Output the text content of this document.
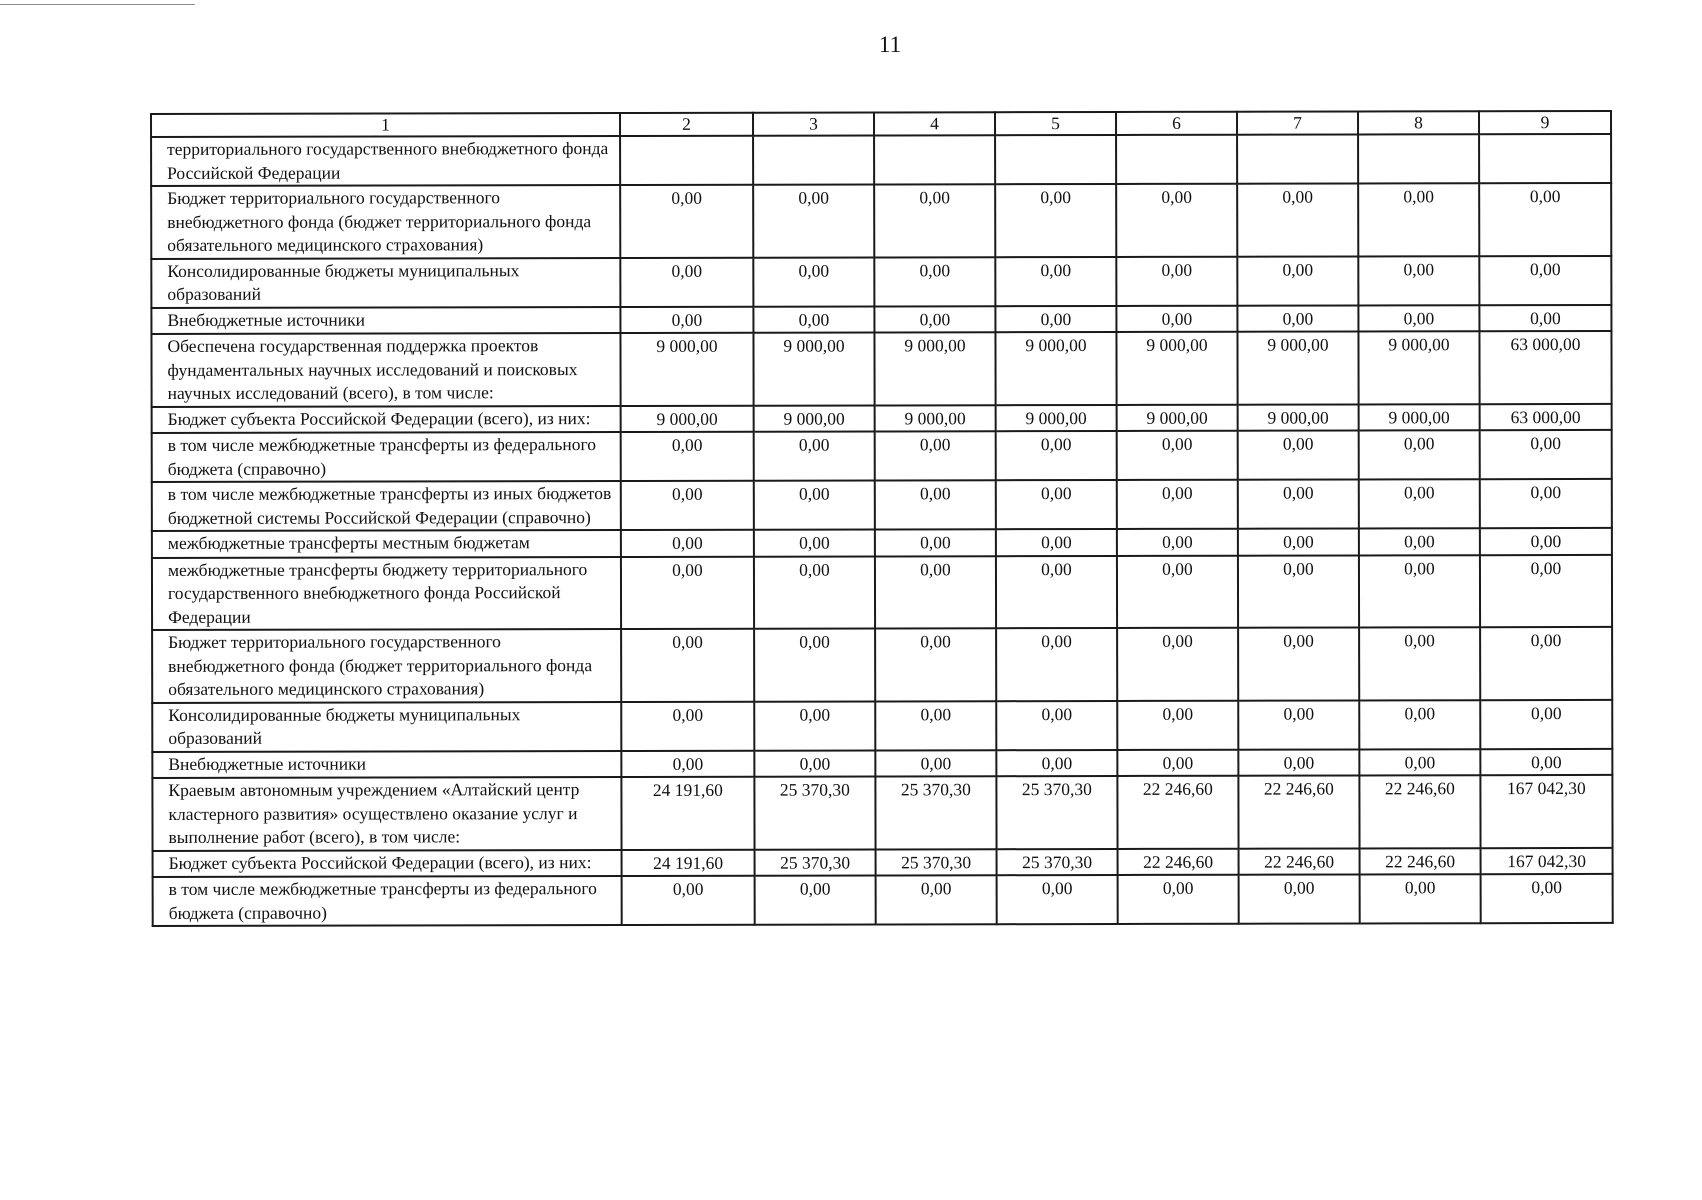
11
1	2	3	4	5	6	7	8	9
территориального государственного внебюджетного фонда Российской Федерации								
Бюджет территориального государственного внебюджетного фонда (бюджет территориального фонда обязательного медицинского страхования)	0,00	0,00	0,00	0,00	0,00	0,00	0,00	0,00
Консолидированные бюджеты муниципальных образований	0,00	0,00	0,00	0,00	0,00	0,00	0,00	0,00
Внебюджетные источники	0,00	0,00	0,00	0,00	0,00	0,00	0,00	0,00
Обеспечена государственная поддержка проектов фундаментальных научных исследований и поисковых научных исследований (всего), в том числе:	9 000,00	9 000,00	9 000,00	9 000,00	9 000,00	9 000,00	9 000,00	63 000,00
Бюджет субъекта Российской Федерации (всего), из них:	9 000,00	9 000,00	9 000,00	9 000,00	9 000,00	9 000,00	9 000,00	63 000,00
в том числе межбюджетные трансферты из федерального бюджета (справочно)	0,00	0,00	0,00	0,00	0,00	0,00	0,00	0,00
в том числе межбюджетные трансферты из иных бюджетов бюджетной системы Российской Федерации (справочно)	0,00	0,00	0,00	0,00	0,00	0,00	0,00	0,00
межбюджетные трансферты местным бюджетам	0,00	0,00	0,00	0,00	0,00	0,00	0,00	0,00
межбюджетные трансферты бюджету территориального государственного внебюджетного фонда Российской Федерации	0,00	0,00	0,00	0,00	0,00	0,00	0,00	0,00
Бюджет территориального государственного внебюджетного фонда (бюджет территориального фонда обязательного медицинского страхования)	0,00	0,00	0,00	0,00	0,00	0,00	0,00	0,00
Консолидированные бюджеты муниципальных образований	0,00	0,00	0,00	0,00	0,00	0,00	0,00	0,00
Внебюджетные источники	0,00	0,00	0,00	0,00	0,00	0,00	0,00	0,00
Краевым автономным учреждением «Алтайский центр кластерного развития» осуществлено оказание услуг и выполнение работ (всего), в том числе:	24 191,60	25 370,30	25 370,30	25 370,30	22 246,60	22 246,60	22 246,60	167 042,30
Бюджет субъекта Российской Федерации (всего), из них:	24 191,60	25 370,30	25 370,30	25 370,30	22 246,60	22 246,60	22 246,60	167 042,30
в том числе межбюджетные трансферты из федерального бюджета (справочно)	0,00	0,00	0,00	0,00	0,00	0,00	0,00	0,00
